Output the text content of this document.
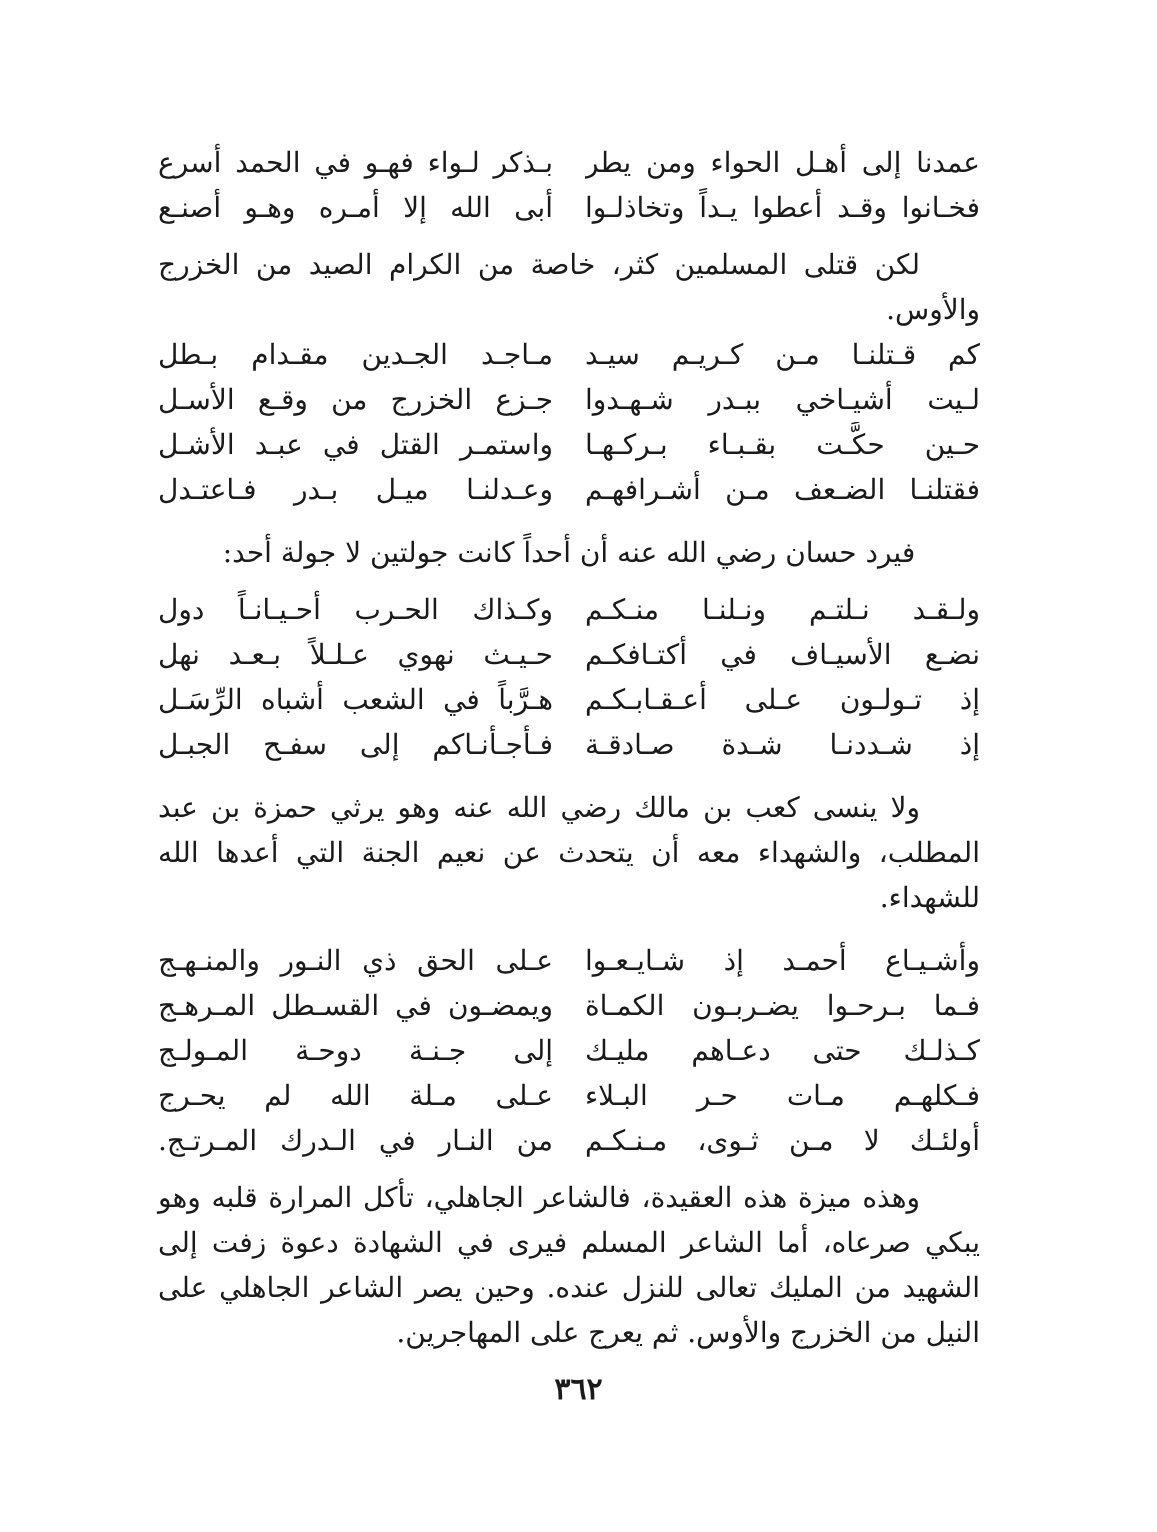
عمدنا إلى أهـل الحواء ومن يطر
بـذكر لـواء فهـو في الحمد أسرع
فخـانوا وقـد أعطوا يـداً وتخاذلـوا
أبى الله إلا أمـره وهـو أصنـع

لكن قتلى المسلمين كثر، خاصة من الكرام الصيد من الخزرج والأوس.

كم قـتلنـا مـن كـريـم سيـد
مـاجـد الجـدين مقـدام بـطل
لـيت أشيـاخي ببـدر شـهـدوا
جـزع الخزرج من وقـع الأسـل
حـين حكَّـت بقـبـاء بـركـهـا
واستمـر القتل في عبـد الأشـل
فقتلنـا الضـعف مـن أشـرافهـم
وعـدلنـا ميـل بـدر فـاعتـدل

فيرد حسان رضي الله عنه أن أحداً كانت جولتين لا جولة أحد:

ولـقـد نـلتـم ونـلنـا منـكـم
وكـذاك الحـرب أحـيـانـاً دول
نضـع الأسيـاف في أكتـافكـم
حـيـث نهوي عـلـلاً بـعـد نهل
إذ تـولـون عـلى أعـقـابـكـم
هـرَّباً في الشعب أشباه الرِّسَـل
إذ شـددنـا شـدة صـادقـة
فـأجـأنـاكم إلى سفـح الجبـل

ولا ينسى كعب بن مالك رضي الله عنه وهو يرثي حمزة بن عبد المطلب، والشهداء معه أن يتحدث عن نعيم الجنة التي أعدها الله للشهداء.

وأشـيـاع أحمـد إذ شـايـعـوا
عـلى الحق ذي النـور والمنـهـج
فـما بـرحـوا يضـربـون الكمـاة
ويمضـون في القسـطل المـرهـج
كـذلـك حتى دعـاهم مليـك
إلى جـنـة دوحـة المـولـج
فـكلهـم مـات حـر البـلاء
عـلى مـلة الله لم يحـرج
أولئـك لا مـن ثـوى، مـنـكـم
من النـار في الـدرك المـرتـج.

وهذه ميزة هذه العقيدة، فالشاعر الجاهلي، تأكل المرارة قلبه وهو يبكي صرعاه، أما الشاعر المسلم فيرى في الشهادة دعوة زفت إلى الشهيد من المليك تعالى للنزل عنده. وحين يصر الشاعر الجاهلي على النيل من الخزرج والأوس. ثم يعرج على المهاجرين.

٣٦٢
